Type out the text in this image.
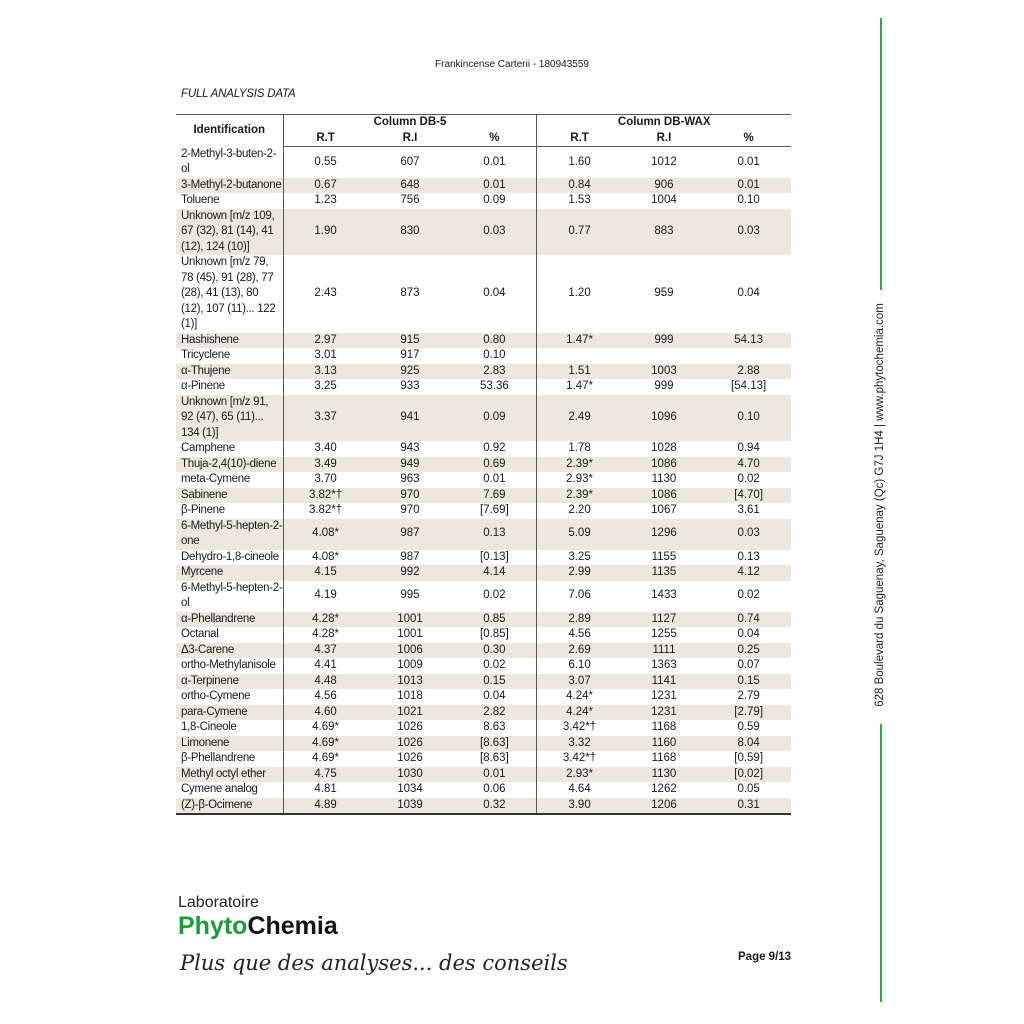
Frankincense Carterii - 180943559
FULL ANALYSIS DATA
Identification	Column DB-5			Column DB-WAX		
	R.T	R.I	%	R.T	R.I	%
2-Methyl-3-buten-2-ol	0.55	607	0.01	1.60	1012	0.01
3-Methyl-2-butanone	0.67	648	0.01	0.84	906	0.01
Toluene	1.23	756	0.09	1.53	1004	0.10
Unknown [m/z 109, 67 (32), 81 (14), 41 (12), 124 (10)]	1.90	830	0.03	0.77	883	0.03
Unknown [m/z 79, 78 (45), 91 (28), 77 (28), 41 (13), 80 (12), 107 (11)... 122 (1)]	2.43	873	0.04	1.20	959	0.04
Hashishene	2.97	915	0.80	1.47*	999	54.13
Tricyclene	3.01	917	0.10			
α-Thujene	3.13	925	2.83	1.51	1003	2.88
α-Pinene	3.25	933	53.36	1.47*	999	[54.13]
Unknown [m/z 91, 92 (47), 65 (11)... 134 (1)]	3.37	941	0.09	2.49	1096	0.10
Camphene	3.40	943	0.92	1.78	1028	0.94
Thuja-2,4(10)-diene	3.49	949	0.69	2.39*	1086	4.70
meta-Cymene	3.70	963	0.01	2.93*	1130	0.02
Sabinene	3.82*†	970	7.69	2.39*	1086	[4.70]
β-Pinene	3.82*†	970	[7.69]	2.20	1067	3.61
6-Methyl-5-hepten-2-one	4.08*	987	0.13	5.09	1296	0.03
Dehydro-1,8-cineole	4.08*	987	[0.13]	3.25	1155	0.13
Myrcene	4.15	992	4.14	2.99	1135	4.12
6-Methyl-5-hepten-2-ol	4.19	995	0.02	7.06	1433	0.02
α-Phellandrene	4.28*	1001	0.85	2.89	1127	0.74
Octanal	4.28*	1001	[0.85]	4.56	1255	0.04
Δ3-Carene	4.37	1006	0.30	2.69	1111	0.25
ortho-Methylanisole	4.41	1009	0.02	6.10	1363	0.07
α-Terpinene	4.48	1013	0.15	3.07	1141	0.15
ortho-Cymene	4.56	1018	0.04	4.24*	1231	2.79
para-Cymene	4.60	1021	2.82	4.24*	1231	[2.79]
1,8-Cineole	4.69*	1026	8.63	3.42*†	1168	0.59
Limonene	4.69*	1026	[8.63]	3.32	1160	8.04
β-Phellandrene	4.69*	1026	[8.63]	3.42*†	1168	[0.59]
Methyl octyl ether	4.75	1030	0.01	2.93*	1130	[0.02]
Cymene analog	4.81	1034	0.06	4.64	1262	0.05
(Z)-β-Ocimene	4.89	1039	0.32	3.90	1206	0.31
Laboratoire
PhytoChemia
Plus que des analyses... des conseils	Page 9/13
628 Boulevard du Saguenay, Saguenay (Qc) G7J 1H4 | www.phytochemia.com
